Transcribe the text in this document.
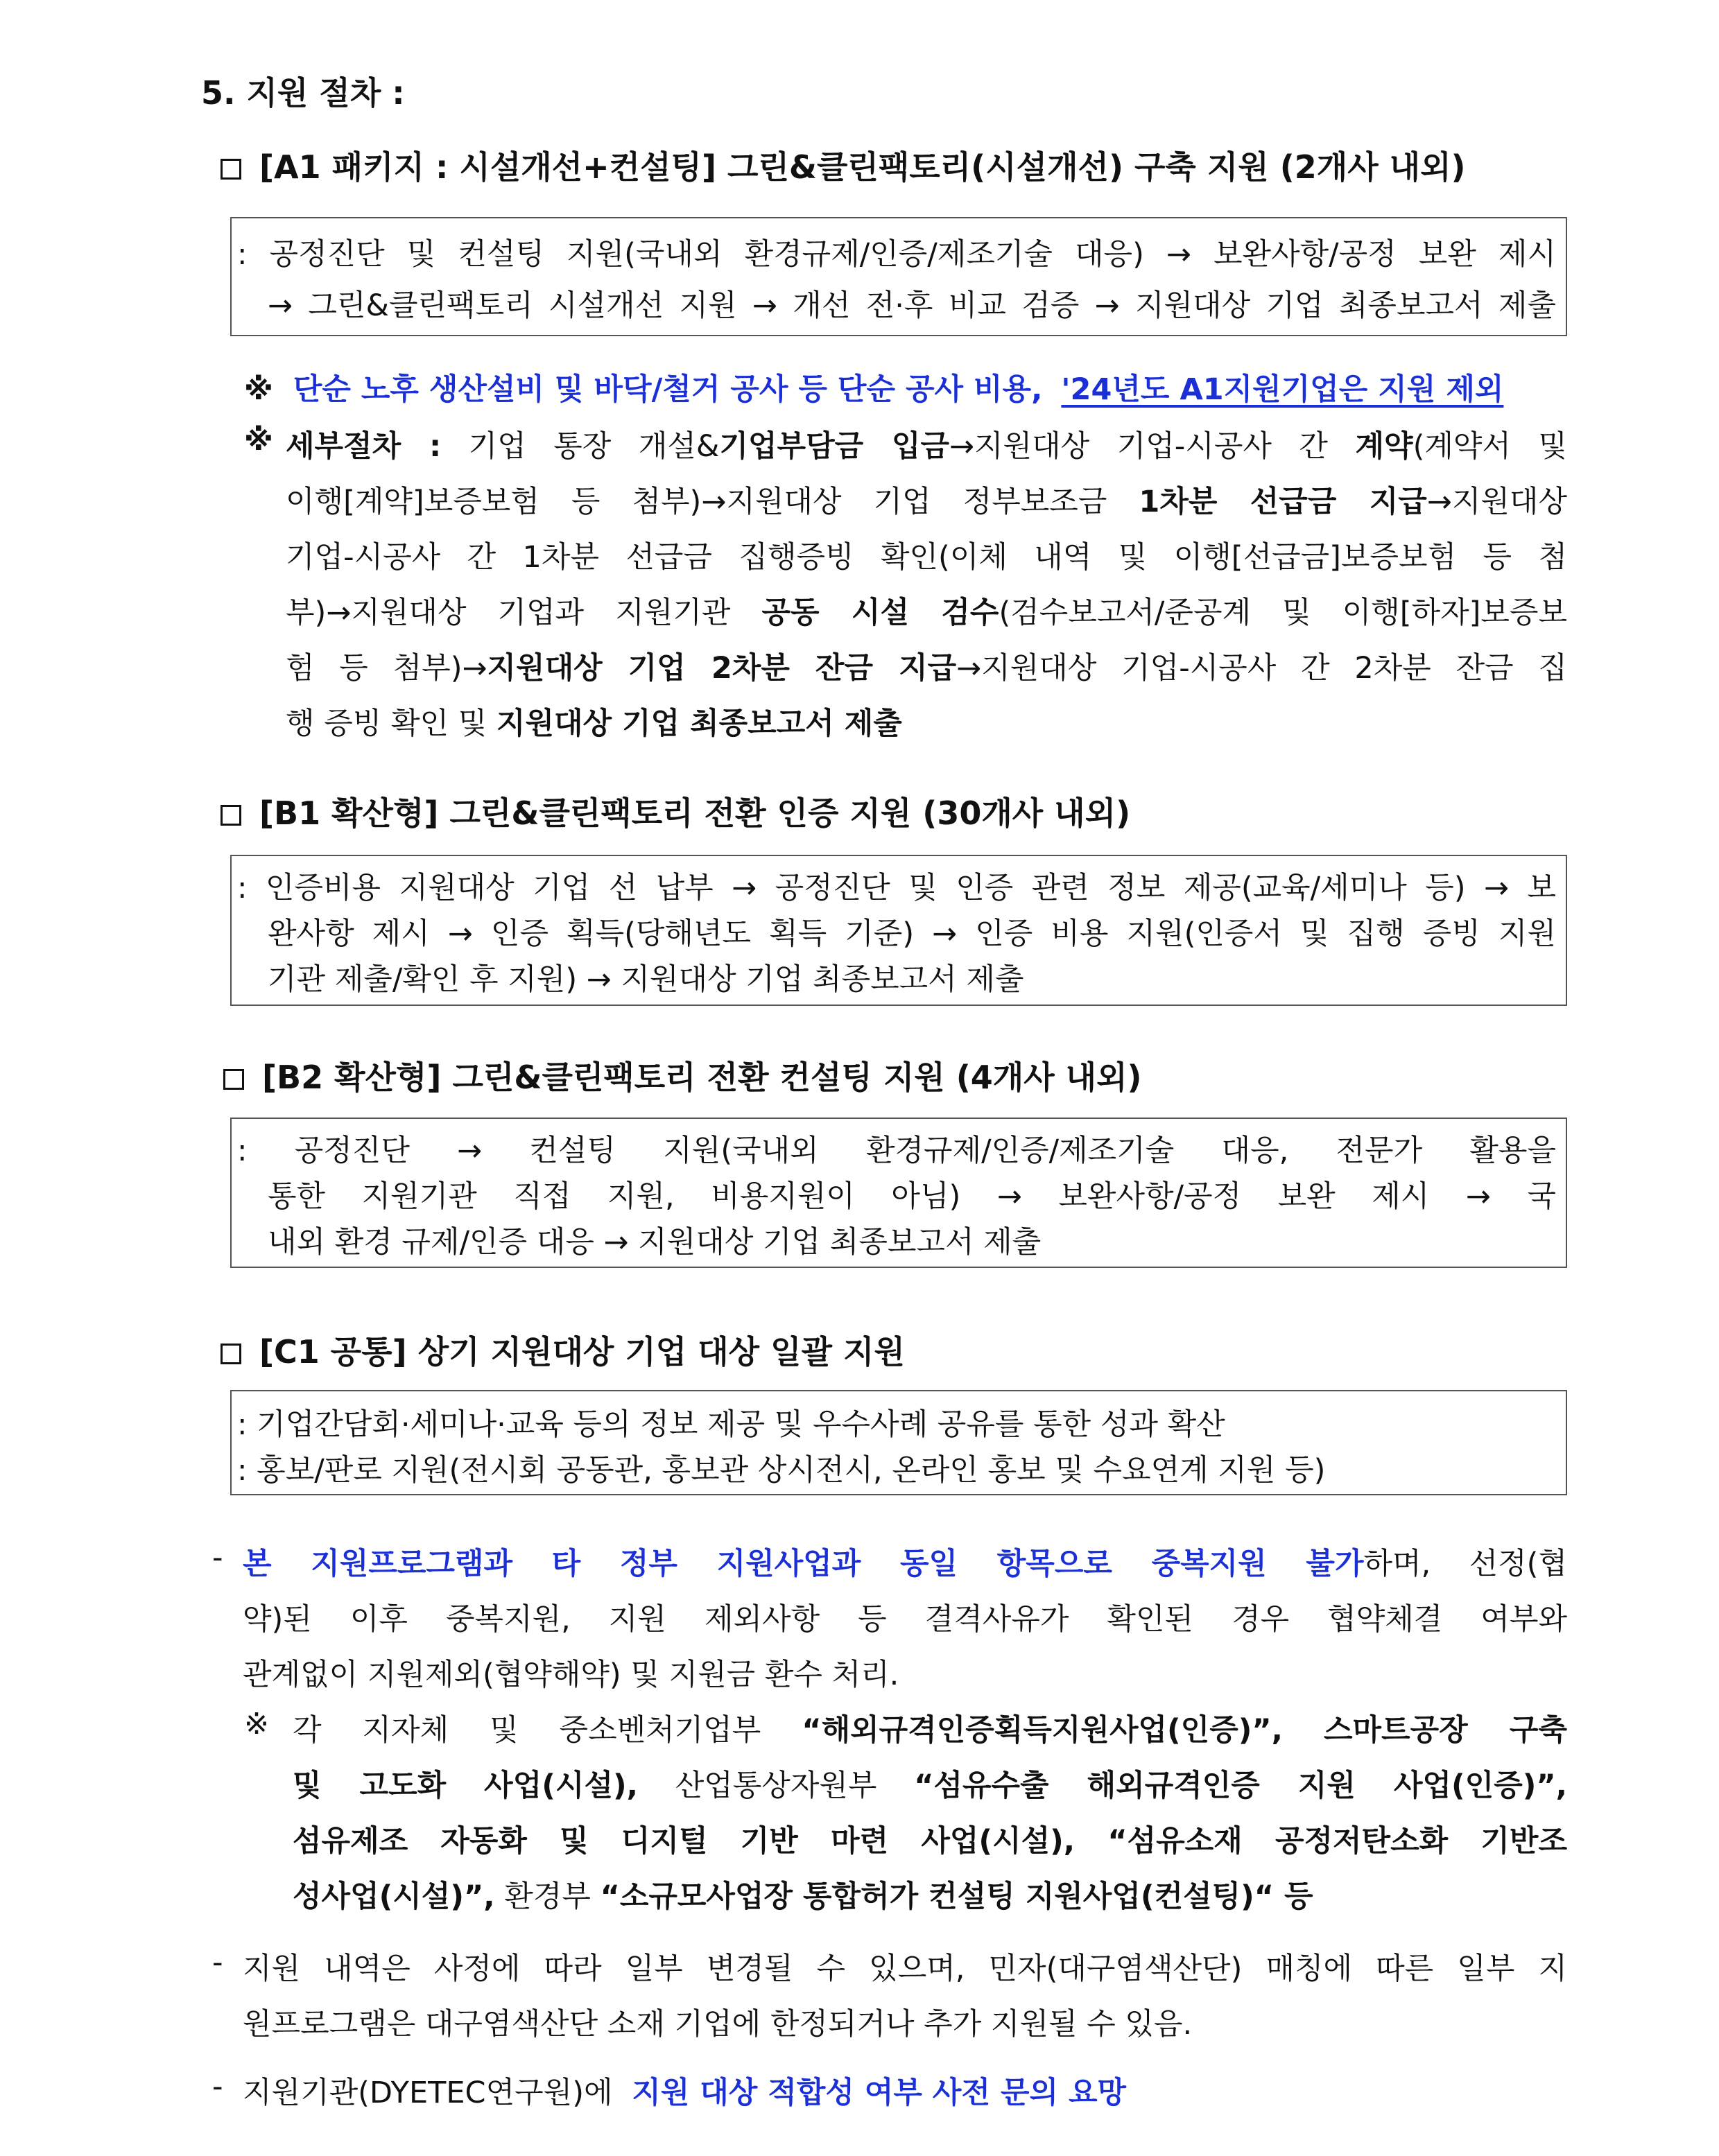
5. 지원 절차 :
[A1 패키지 : 시설개선+컨설팅] 그린&클린팩토리(시설개선) 구축 지원 (2개사 내외)
: 공정진단 및 컨설팅 지원(국내외 환경규제/인증/제조기술 대응) → 보완사항/공정 보완 제시
→ 그린&클린팩토리 시설개선 지원 → 개선 전·후 비교 검증 → 지원대상 기업 최종보고서 제출
※ 단순 노후 생산설비 및 바닥/철거 공사 등 단순 공사 비용, '24년도 A1지원기업은 지원 제외
※ 세부절차 : 기업 통장 개설&기업부담금 입금→지원대상 기업-시공사 간 계약(계약서 및
이행[계약]보증보험 등 첨부)→지원대상 기업 정부보조금 1차분 선급금 지급→지원대상
기업-시공사 간 1차분 선급금 집행증빙 확인(이체 내역 및 이행[선급금]보증보험 등 첨
부)→지원대상 기업과 지원기관 공동 시설 검수(검수보고서/준공계 및 이행[하자]보증보
험 등 첨부)→지원대상 기업 2차분 잔금 지급→지원대상 기업-시공사 간 2차분 잔금 집
행 증빙 확인 및 지원대상 기업 최종보고서 제출
[B1 확산형] 그린&클린팩토리 전환 인증 지원 (30개사 내외)
: 인증비용 지원대상 기업 선 납부 → 공정진단 및 인증 관련 정보 제공(교육/세미나 등) → 보
완사항 제시 → 인증 획득(당해년도 획득 기준) → 인증 비용 지원(인증서 및 집행 증빙 지원
기관 제출/확인 후 지원) → 지원대상 기업 최종보고서 제출
[B2 확산형] 그린&클린팩토리 전환 컨설팅 지원 (4개사 내외)
: 공정진단 → 컨설팅 지원(국내외 환경규제/인증/제조기술 대응, 전문가 활용을
통한 지원기관 직접 지원, 비용지원이 아님) → 보완사항/공정 보완 제시 → 국
내외 환경 규제/인증 대응 → 지원대상 기업 최종보고서 제출
[C1 공통] 상기 지원대상 기업 대상 일괄 지원
: 기업간담회·세미나·교육 등의 정보 제공 및 우수사례 공유를 통한 성과 확산
: 홍보/판로 지원(전시회 공동관, 홍보관 상시전시, 온라인 홍보 및 수요연계 지원 등)
- 본 지원프로그램과 타 정부 지원사업과 동일 항목으로 중복지원 불가하며, 선정(협
약)된 이후 중복지원, 지원 제외사항 등 결격사유가 확인된 경우 협약체결 여부와
관계없이 지원제외(협약해약) 및 지원금 환수 처리.
※ 각 지자체 및 중소벤처기업부 “해외규격인증획득지원사업(인증)”, 스마트공장 구축
및 고도화 사업(시설), 산업통상자원부 “섬유수출 해외규격인증 지원 사업(인증)”,
섬유제조 자동화 및 디지털 기반 마련 사업(시설), “섬유소재 공정저탄소화 기반조
성사업(시설)”, 환경부 “소규모사업장 통합허가 컨설팅 지원사업(컨설팅)“ 등
- 지원 내역은 사정에 따라 일부 변경될 수 있으며, 민자(대구염색산단) 매칭에 따른 일부 지
원프로그램은 대구염색산단 소재 기업에 한정되거나 추가 지원될 수 있음.
- 지원기관(DYETEC연구원)에 지원 대상 적합성 여부 사전 문의 요망
